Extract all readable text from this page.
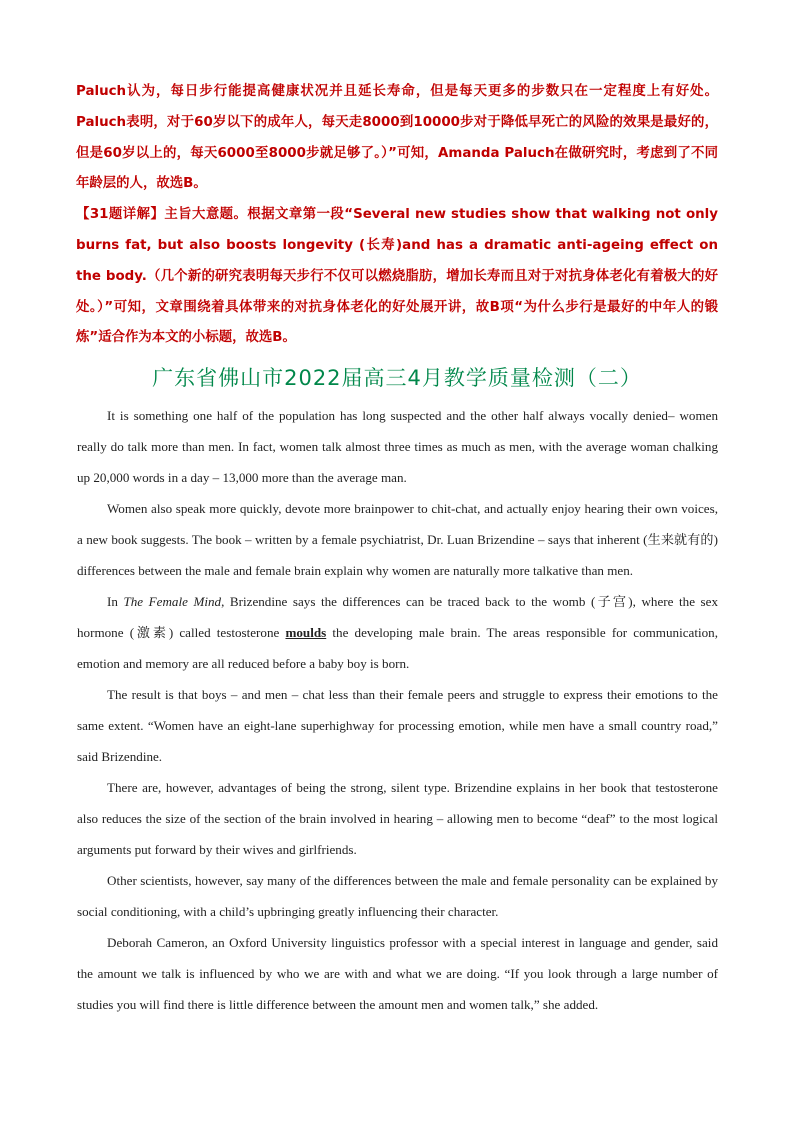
Paluch认为，每日步行能提高健康状况并且延长寿命，但是每天更多的步数只在一定程度上有好处。Paluch表明，对于60岁以下的成年人，每天走8000到10000步对于降低早死亡的风险的效果是最好的，但是60岁以上的，每天6000至8000步就足够了。）”可知，Amanda Paluch在做研究时，考虑到了不同年龄层的人，故选B。

【31题详解】主旨大意题。根据文章第一段“Several new studies show that walking not only burns fat, but also boosts longevity (长寿)and has a dramatic anti-ageing effect on the body.（几个新的研究表明每天步行不仅可以燃烧脂肪，增加长寿而且对于对抗身体老化有着极大的好处。）”可知，文章围绕着具体带来的对抗身体老化的好处展开讲，故B项“为什么步行是最好的中年人的锻炼”适合作为本文的小标题，故选B。

广东省佛山市2022届高三4月教学质量检测（二）

It is something one half of the population has long suspected and the other half always vocally denied– women really do talk more than men. In fact, women talk almost three times as much as men, with the average woman chalking up 20,000 words in a day – 13,000 more than the average man.

Women also speak more quickly, devote more brainpower to chit-chat, and actually enjoy hearing their own voices, a new book suggests. The book – written by a female psychiatrist, Dr. Luan Brizendine – says that inherent (生来就有的) differences between the male and female brain explain why women are naturally more talkative than men.

In The Female Mind, Brizendine says the differences can be traced back to the womb (子宫), where the sex hormone (激素) called testosterone moulds the developing male brain. The areas responsible for communication, emotion and memory are all reduced before a baby boy is born.

The result is that boys – and men – chat less than their female peers and struggle to express their emotions to the same extent. “Women have an eight-lane superhighway for processing emotion, while men have a small country road,” said Brizendine.

There are, however, advantages of being the strong, silent type. Brizendine explains in her book that testosterone also reduces the size of the section of the brain involved in hearing – allowing men to become “deaf” to the most logical arguments put forward by their wives and girlfriends.

Other scientists, however, say many of the differences between the male and female personality can be explained by social conditioning, with a child’s upbringing greatly influencing their character.

Deborah Cameron, an Oxford University linguistics professor with a special interest in language and gender, said the amount we talk is influenced by who we are with and what we are doing. “If you look through a large number of studies you will find there is little difference between the amount men and women talk,” she added.
